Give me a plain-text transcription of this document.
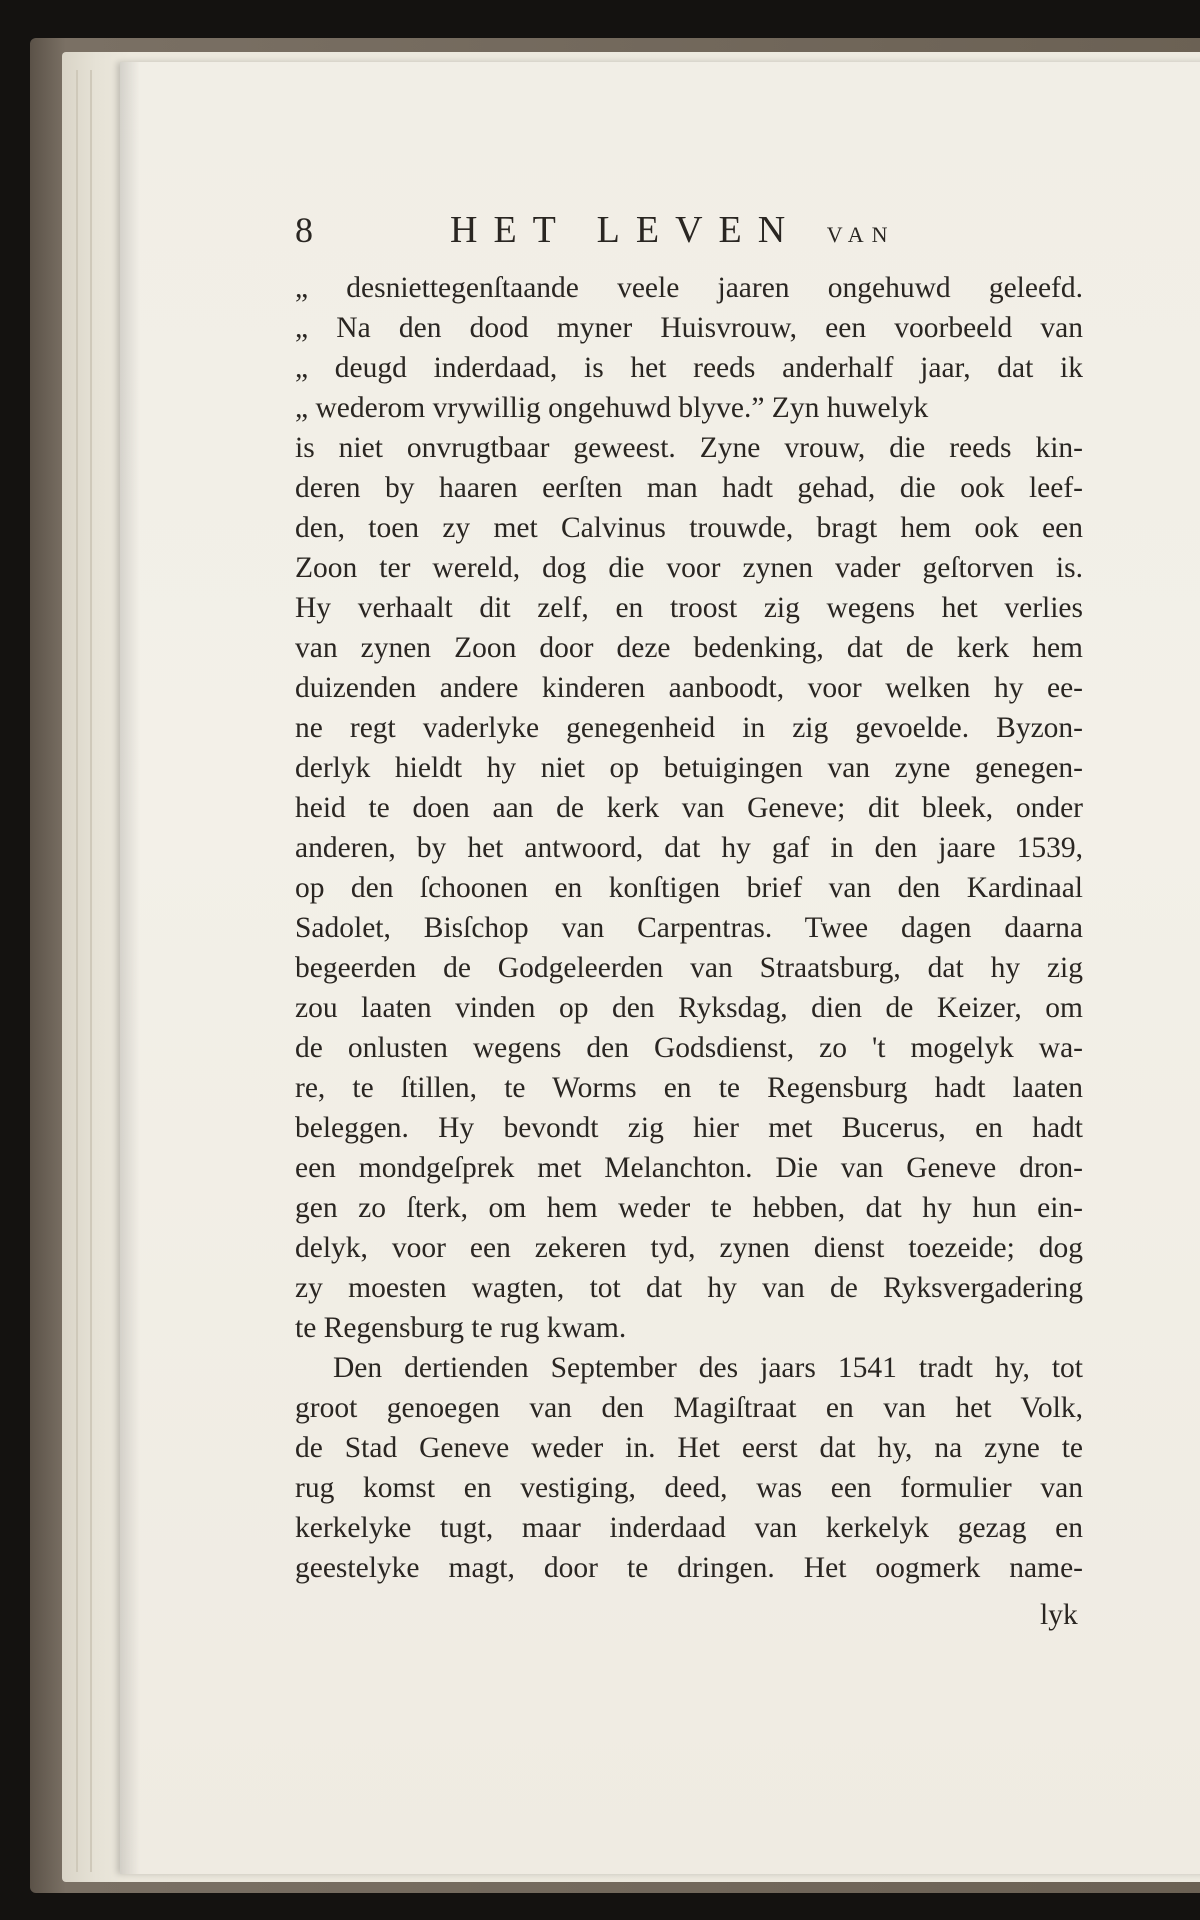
8	HET LEVEN VAN
„ desniettegenſtaande veele jaaren ongehuwd geleefd.
„ Na den dood myner Huisvrouw, een voorbeeld van
„ deugd inderdaad, is het reeds anderhalf jaar, dat ik
„ wederom vrywillig ongehuwd blyve.” Zyn huwelyk
is niet onvrugtbaar geweest. Zyne vrouw, die reeds kin-
deren by haaren eerſten man hadt gehad, die ook leef-
den, toen zy met Calvinus trouwde, bragt hem ook een
Zoon ter wereld, dog die voor zynen vader geſtorven is.
Hy verhaalt dit zelf, en troost zig wegens het verlies
van zynen Zoon door deze bedenking, dat de kerk hem
duizenden andere kinderen aanboodt, voor welken hy ee-
ne regt vaderlyke genegenheid in zig gevoelde. Byzon-
derlyk hieldt hy niet op betuigingen van zyne genegen-
heid te doen aan de kerk van Geneve; dit bleek, onder
anderen, by het antwoord, dat hy gaf in den jaare 1539,
op den ſchoonen en konſtigen brief van den Kardinaal
Sadolet, Bisſchop van Carpentras. Twee dagen daarna
begeerden de Godgeleerden van Straatsburg, dat hy zig
zou laaten vinden op den Ryksdag, dien de Keizer, om
de onlusten wegens den Godsdienst, zo 't mogelyk wa-
re, te ſtillen, te Worms en te Regensburg hadt laaten
beleggen. Hy bevondt zig hier met Bucerus, en hadt
een mondgeſprek met Melanchton. Die van Geneve dron-
gen zo ſterk, om hem weder te hebben, dat hy hun ein-
delyk, voor een zekeren tyd, zynen dienst toezeide; dog
zy moesten wagten, tot dat hy van de Ryksvergadering
te Regensburg te rug kwam.
Den dertienden September des jaars 1541 tradt hy, tot
groot genoegen van den Magiſtraat en van het Volk,
de Stad Geneve weder in. Het eerst dat hy, na zyne te
rug komst en vestiging, deed, was een formulier van
kerkelyke tugt, maar inderdaad van kerkelyk gezag en
geestelyke magt, door te dringen. Het oogmerk name-
lyk
